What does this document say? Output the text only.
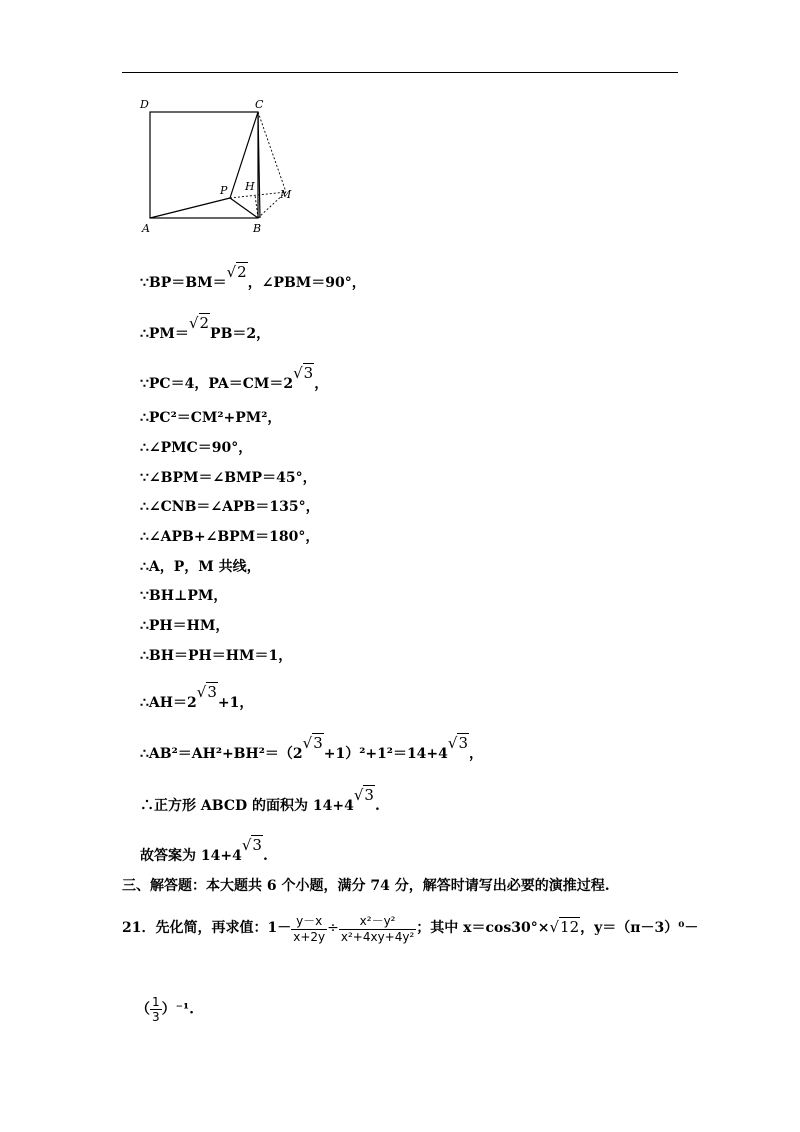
D	C
A	B
P H
M
∵BP＝BM＝√2，∠PBM＝90°，
∴PM＝√2PB＝2，
∵PC＝4，PA＝CM＝2√3，
∴PC²＝CM²+PM²，
∴∠PMC＝90°，
∵∠BPM＝∠BMP＝45°，
∴∠CNB＝∠APB＝135°，
∴∠APB+∠BPM＝180°，
∴A，P，M 共线，
∵BH⊥PM，
∴PH＝HM，
∴BH＝PH＝HM＝1，
∴AH＝2√3+1，
∴AB²＝AH²+BH²＝（2√3+1）²+1²＝14+4√3，
∴正方形 ABCD 的面积为 14+4√3.
故答案为 14+4√3.
三、解答题：本大题共 6 个小题，满分 74 分，解答时请写出必要的演推过程.
21．先化简，再求值：$1- \frac{y-x}{x+2y} \div \frac{\text{x²－y²}}{\text{x²+4xy+4y²}}$ ；其中 x＝cos30°×√12，y＝（π－3）⁰－
（ $\frac{1}{3} )^{-1}$.
